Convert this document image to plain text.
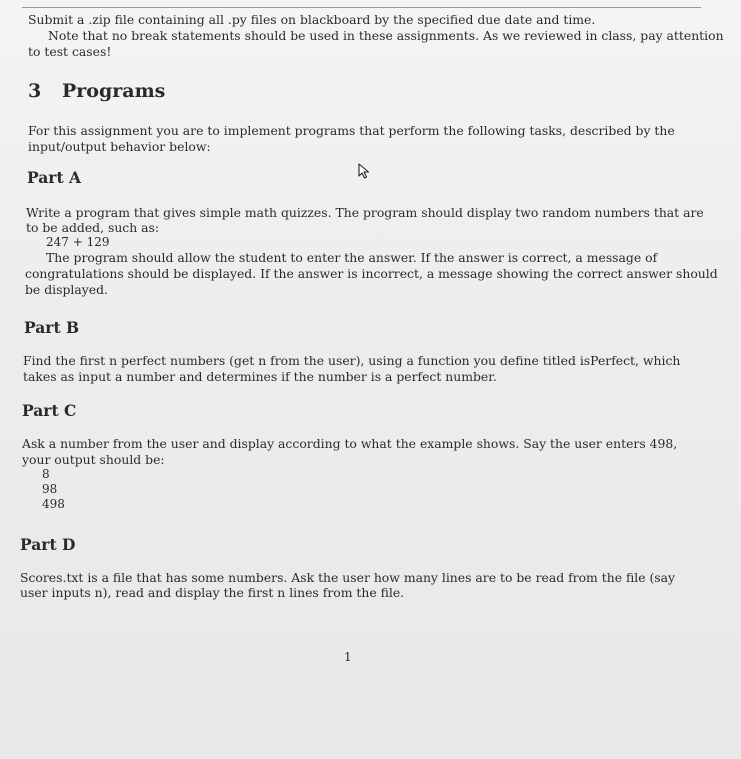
Submit a .zip file containing all .py files on blackboard by the specified due date and time.
Note that no break statements should be used in these assignments. As we reviewed in class, pay attention
to test cases!
3 Programs
For this assignment you are to implement programs that perform the following tasks, described by the
input/output behavior below:
Part A
Write a program that gives simple math quizzes. The program should display two random numbers that are
to be added, such as:
247 + 129
The program should allow the student to enter the answer. If the answer is correct, a message of
congratulations should be displayed. If the answer is incorrect, a message showing the correct answer should
be displayed.
Part B
Find the first n perfect numbers (get n from the user), using a function you define titled isPerfect, which
takes as input a number and determines if the number is a perfect number.
Part C
Ask a number from the user and display according to what the example shows. Say the user enters 498,
your output should be:
8
98
498
Part D
Scores.txt is a file that has some numbers. Ask the user how many lines are to be read from the file (say
user inputs n), read and display the first n lines from the file.
1
